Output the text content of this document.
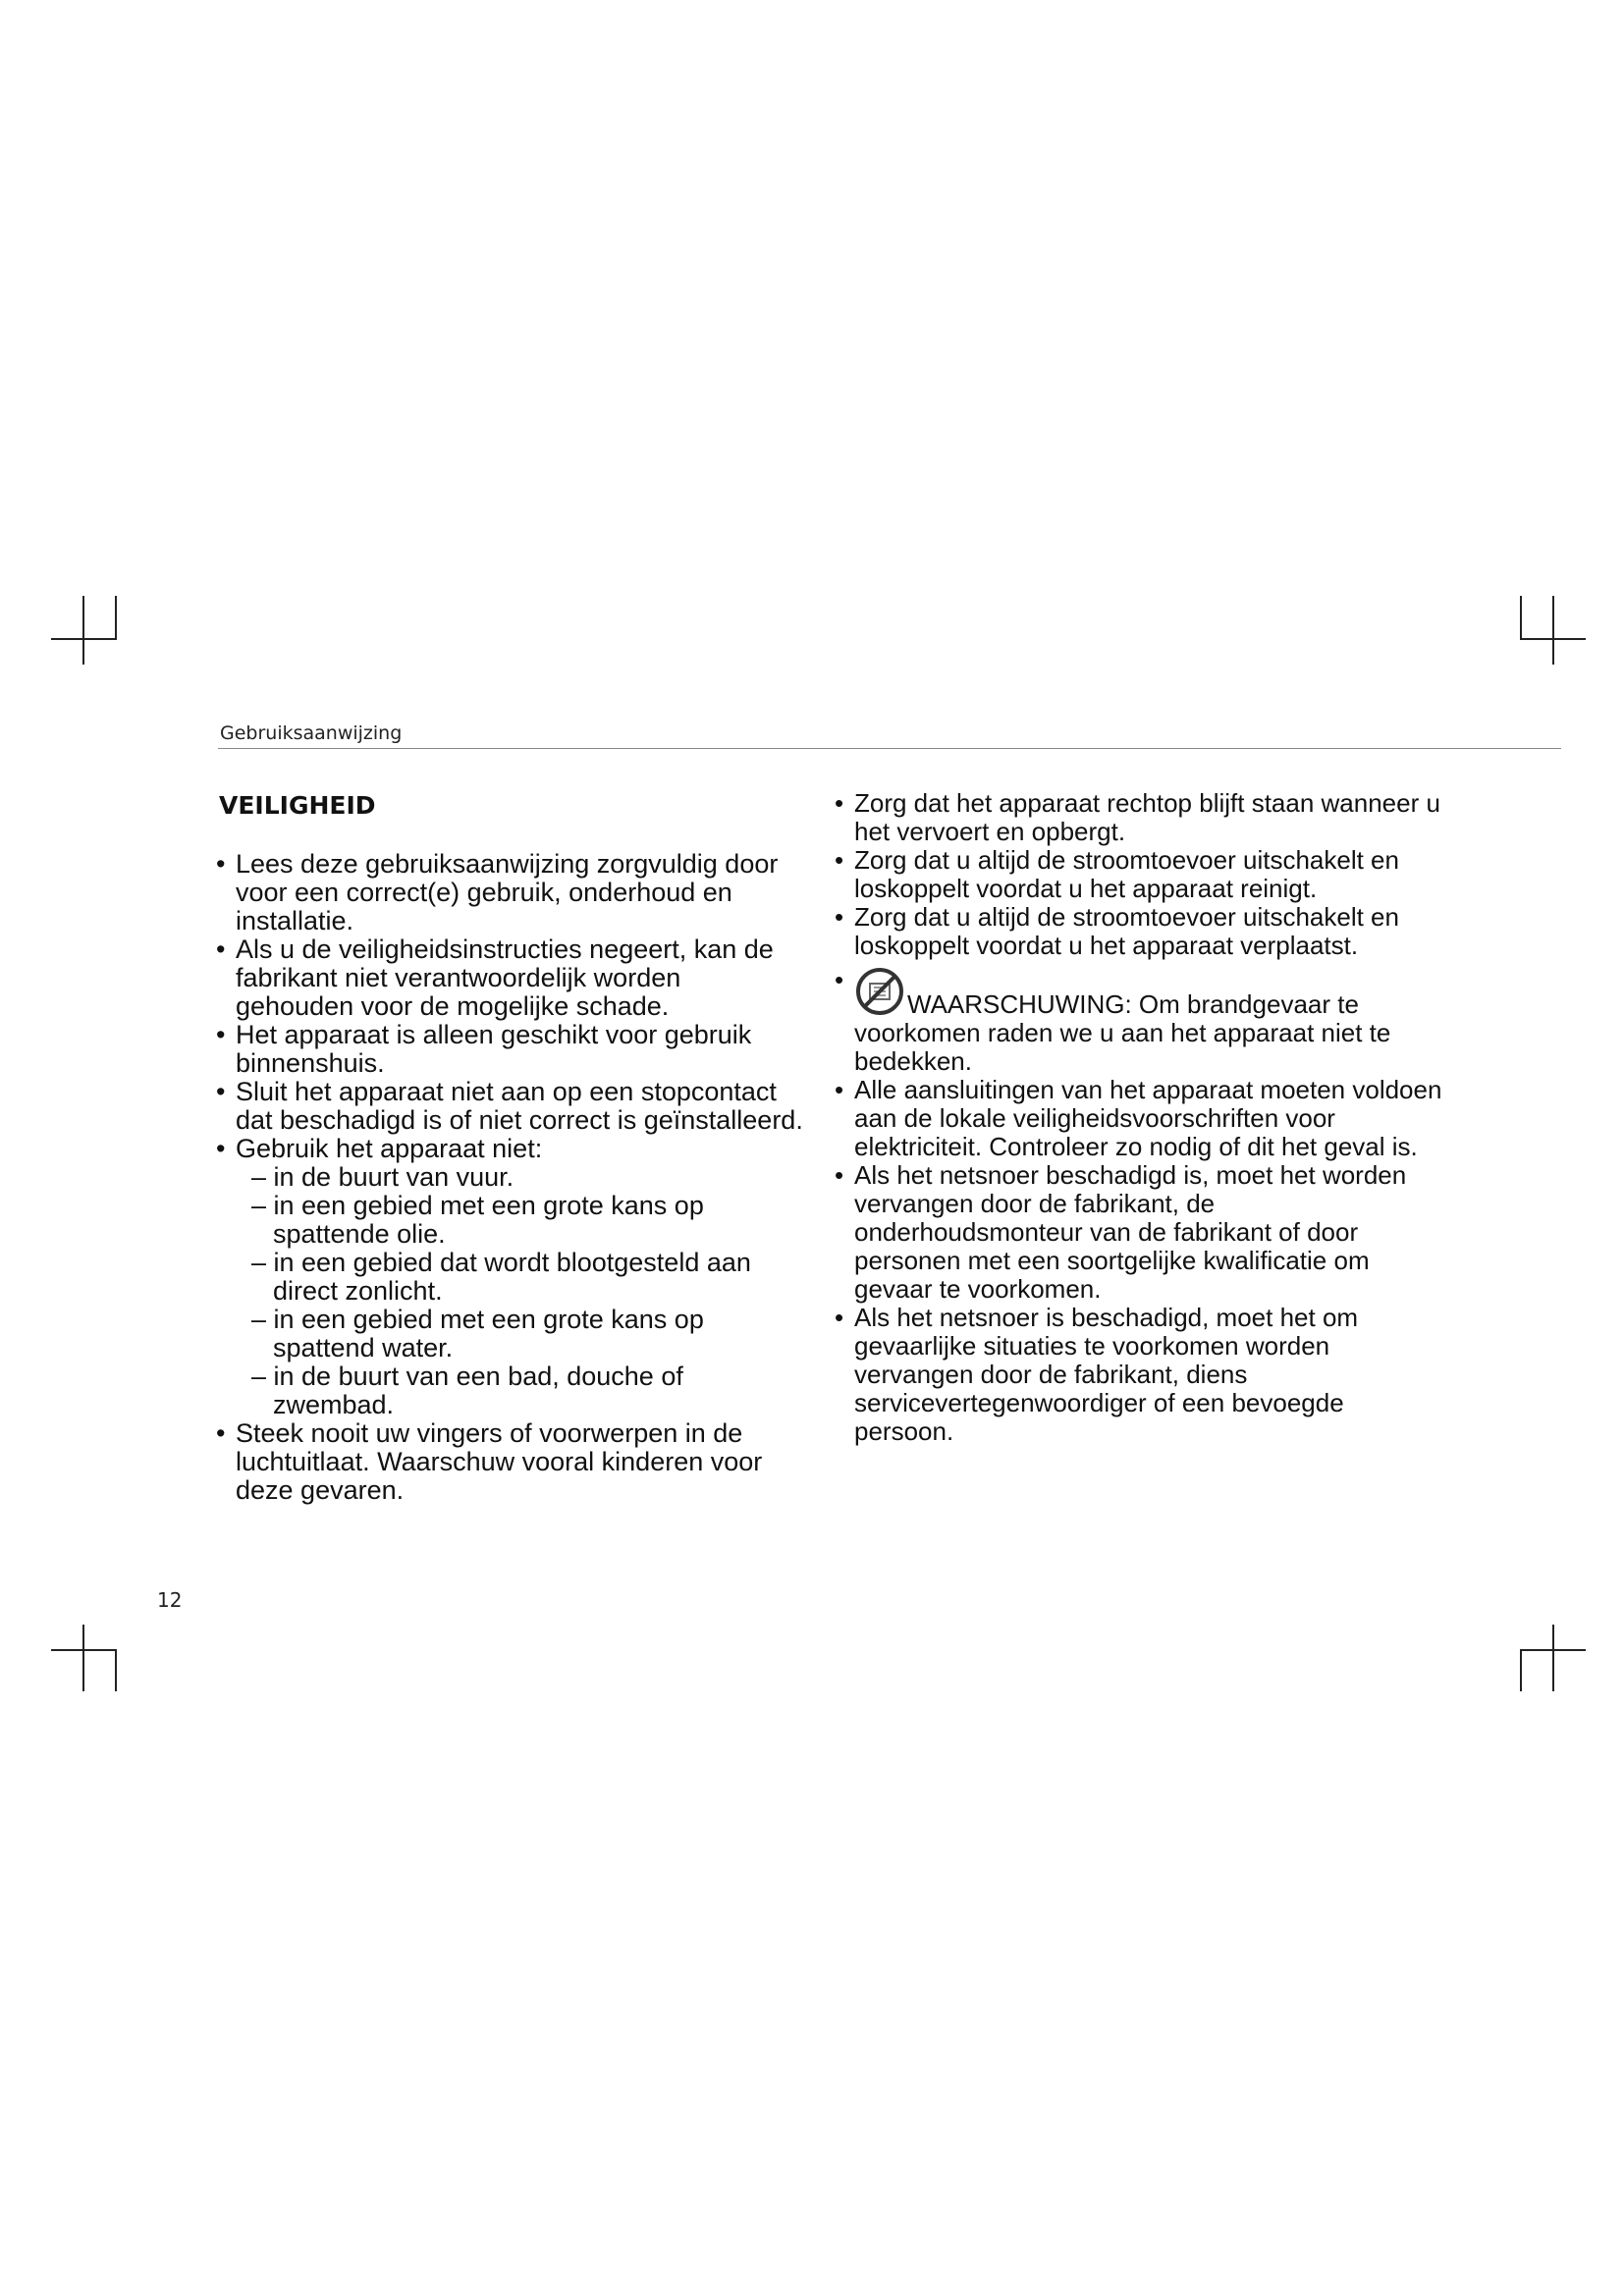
Gebruiksaanwijzing
VEILIGHEID

• Lees deze gebruiksaanwijzing zorgvuldig door voor een correct(e) gebruik, onderhoud en installatie.

• Als u de veiligheidsinstructies negeert, kan de fabrikant niet verantwoordelijk worden gehouden voor de mogelijke schade.

• Het apparaat is alleen geschikt voor gebruik binnenshuis.

• Sluit het apparaat niet aan op een stopcontact dat beschadigd is of niet correct is geïnstalleerd.

• Gebruik het apparaat niet:

– in de buurt van vuur.

– in een gebied met een grote kans op spattende olie.

– in een gebied dat wordt blootgesteld aan direct zonlicht.

– in een gebied met een grote kans op spattend water.

– in de buurt van een bad, douche of zwembad.

• Steek nooit uw vingers of voorwerpen in de luchtuitlaat. Waarschuw vooral kinderen voor deze gevaren.

• Zorg dat het apparaat rechtop blijft staan wanneer u het vervoert en opbergt.

• Zorg dat u altijd de stroomtoevoer uitschakelt en loskoppelt voordat u het apparaat reinigt.

• Zorg dat u altijd de stroomtoevoer uitschakelt en loskoppelt voordat u het apparaat verplaatst.

• WAARSCHUWING: Om brandgevaar te voorkomen raden we u aan het apparaat niet te bedekken.

• Alle aansluitingen van het apparaat moeten voldoen aan de lokale veiligheidsvoorschriften voor elektriciteit. Controleer zo nodig of dit het geval is.

• Als het netsnoer beschadigd is, moet het worden vervangen door de fabrikant, de onderhoudsmonteur van de fabrikant of door personen met een soortgelijke kwalificatie om gevaar te voorkomen.

• Als het netsnoer is beschadigd, moet het om gevaarlijke situaties te voorkomen worden vervangen door de fabrikant, diens servicevertegenwoordiger of een bevoegde persoon.

12
